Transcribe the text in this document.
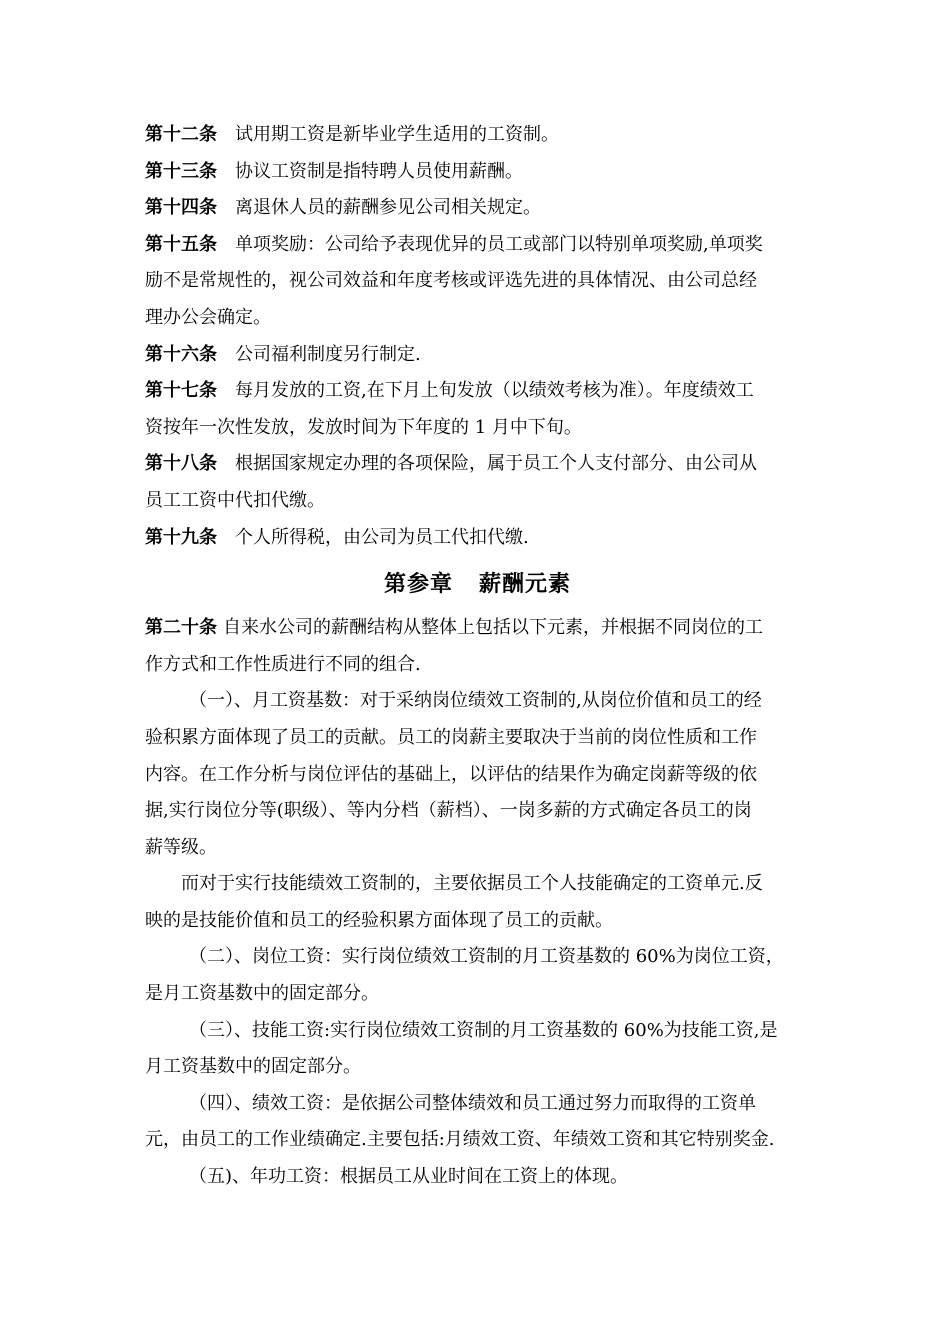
第十二条 试用期工资是新毕业学生适用的工资制。
第十三条 协议工资制是指特聘人员使用薪酬。
第十四条 离退休人员的薪酬参见公司相关规定。
第十五条 单项奖励：公司给予表现优异的员工或部门以特别单项奖励,单项奖
励不是常规性的，视公司效益和年度考核或评选先进的具体情况、由公司总经
理办公会确定。
第十六条 公司福利制度另行制定.
第十七条 每月发放的工资,在下月上旬发放（以绩效考核为准）。年度绩效工
资按年一次性发放，发放时间为下年度的 1 月中下旬。
第十八条 根据国家规定办理的各项保险，属于员工个人支付部分、由公司从
员工工资中代扣代缴。
第十九条 个人所得税，由公司为员工代扣代缴.
第参章 薪酬元素
第二十条 自来水公司的薪酬结构从整体上包括以下元素，并根据不同岗位的工
作方式和工作性质进行不同的组合.
（一）、月工资基数：对于采纳岗位绩效工资制的,从岗位价值和员工的经
验积累方面体现了员工的贡献。员工的岗薪主要取决于当前的岗位性质和工作
内容。在工作分析与岗位评估的基础上，以评估的结果作为确定岗薪等级的依
据,实行岗位分等(职级）、等内分档（薪档）、一岗多薪的方式确定各员工的岗
薪等级。
而对于实行技能绩效工资制的，主要依据员工个人技能确定的工资单元.反
映的是技能价值和员工的经验积累方面体现了员工的贡献。
（二）、岗位工资：实行岗位绩效工资制的月工资基数的 60%为岗位工资，
是月工资基数中的固定部分。
（三）、技能工资:实行岗位绩效工资制的月工资基数的 60%为技能工资,是
月工资基数中的固定部分。
（四）、绩效工资：是依据公司整体绩效和员工通过努力而取得的工资单
元，由员工的工作业绩确定.主要包括:月绩效工资、年绩效工资和其它特别奖金.
（五)、年功工资：根据员工从业时间在工资上的体现。
